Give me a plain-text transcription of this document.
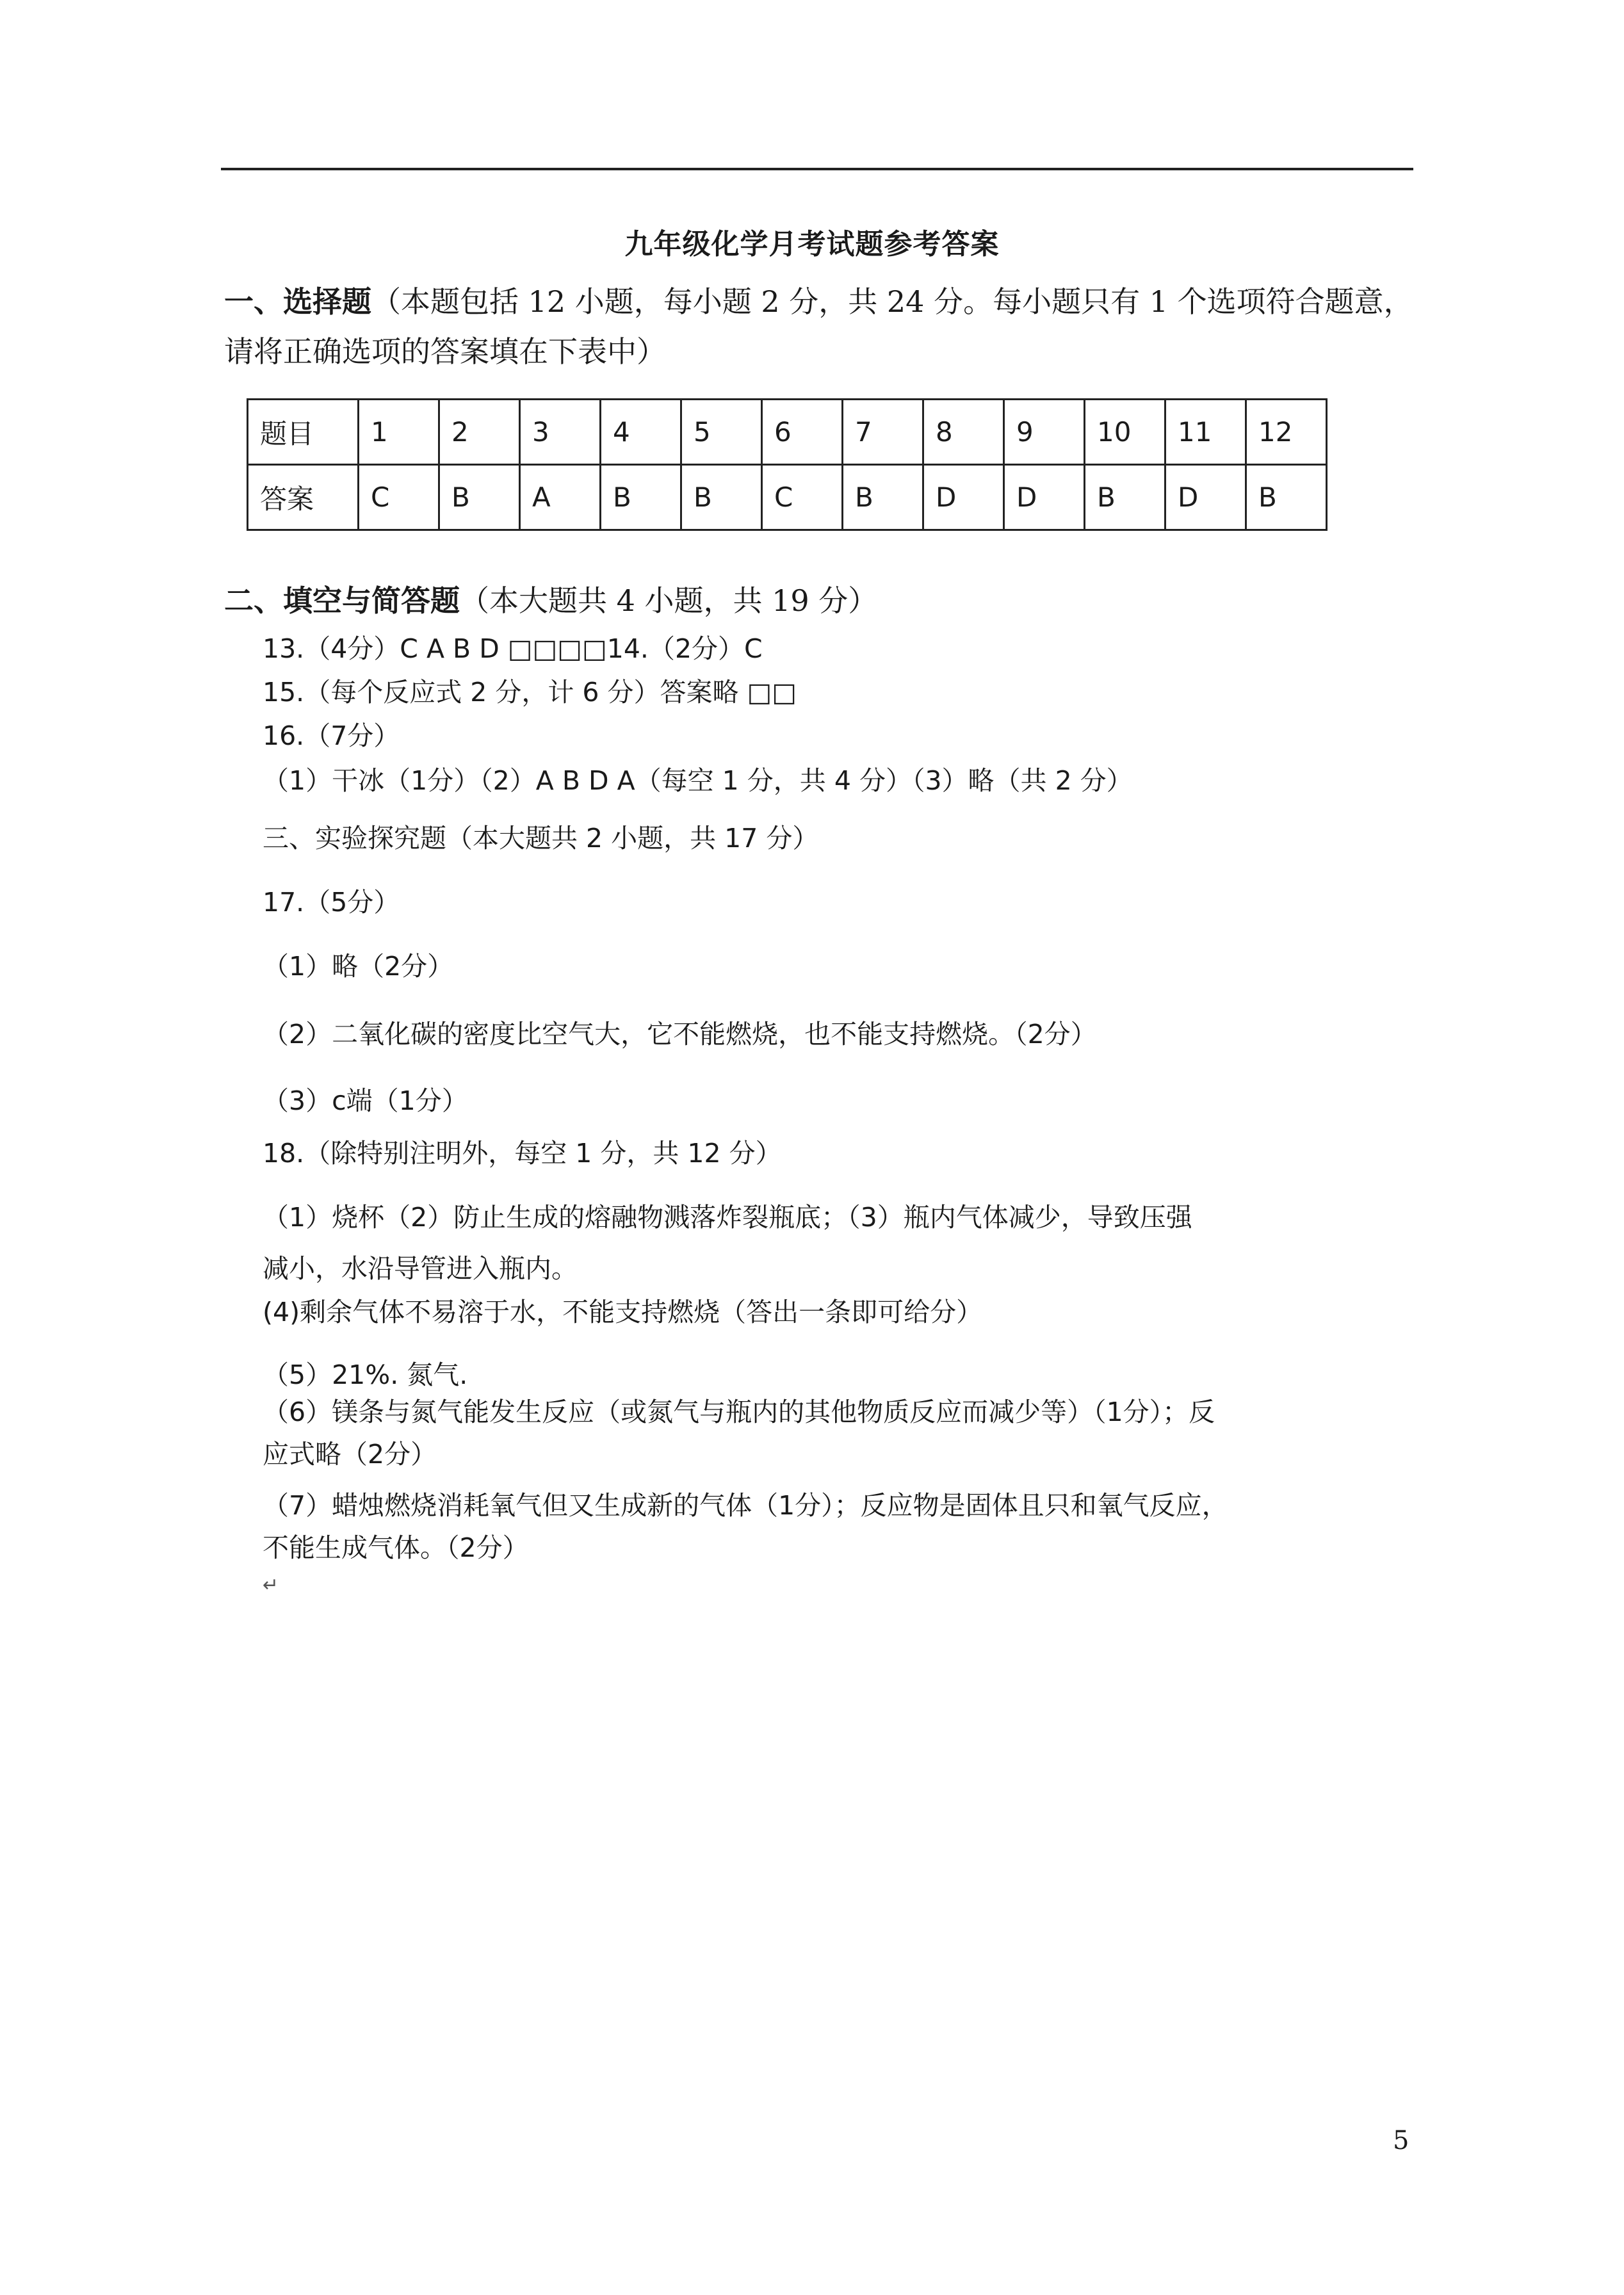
九年级化学月考试题参考答案
一、选择题（本题包括 12 小题，每小题 2 分，共 24 分。每小题只有 1 个选项符合题意，请将正确选项的答案填在下表中）
题目	1	2	3	4	5	6	7	8	9	10	11	12
答案	C	B	A	B	B	C	B	D	D	B	D	B
二、填空与简答题（本大题共 4 小题，共 19 分）
13.（4分）C A B D □□□□14.（2分）C
15.（每个反应式 2 分，计 6 分）答案略 □□
16.（7分）
（1）干冰（1分）（2）A B D A（每空 1 分，共 4 分）（3）略（共 2 分）
三、实验探究题（本大题共 2 小题，共 17 分）
17.（5分）
（1）略（2分）
（2）二氧化碳的密度比空气大，它不能燃烧，也不能支持燃烧。（2分）
（3）c端（1分）
18.（除特别注明外，每空 1 分，共 12 分）
（1）烧杯（2）防止生成的熔融物溅落炸裂瓶底；（3）瓶内气体减少，导致压强
减小，水沿导管进入瓶内。
(4)剩余气体不易溶于水，不能支持燃烧（答出一条即可给分）
（5）21%. 氮气.
（6）镁条与氮气能发生反应（或氮气与瓶内的其他物质反应而减少等）（1分）；反
应式略（2分）
（7）蜡烛燃烧消耗氧气但又生成新的气体（1分）；反应物是固体且只和氧气反应，
不能生成气体。（2分）
↵
5
